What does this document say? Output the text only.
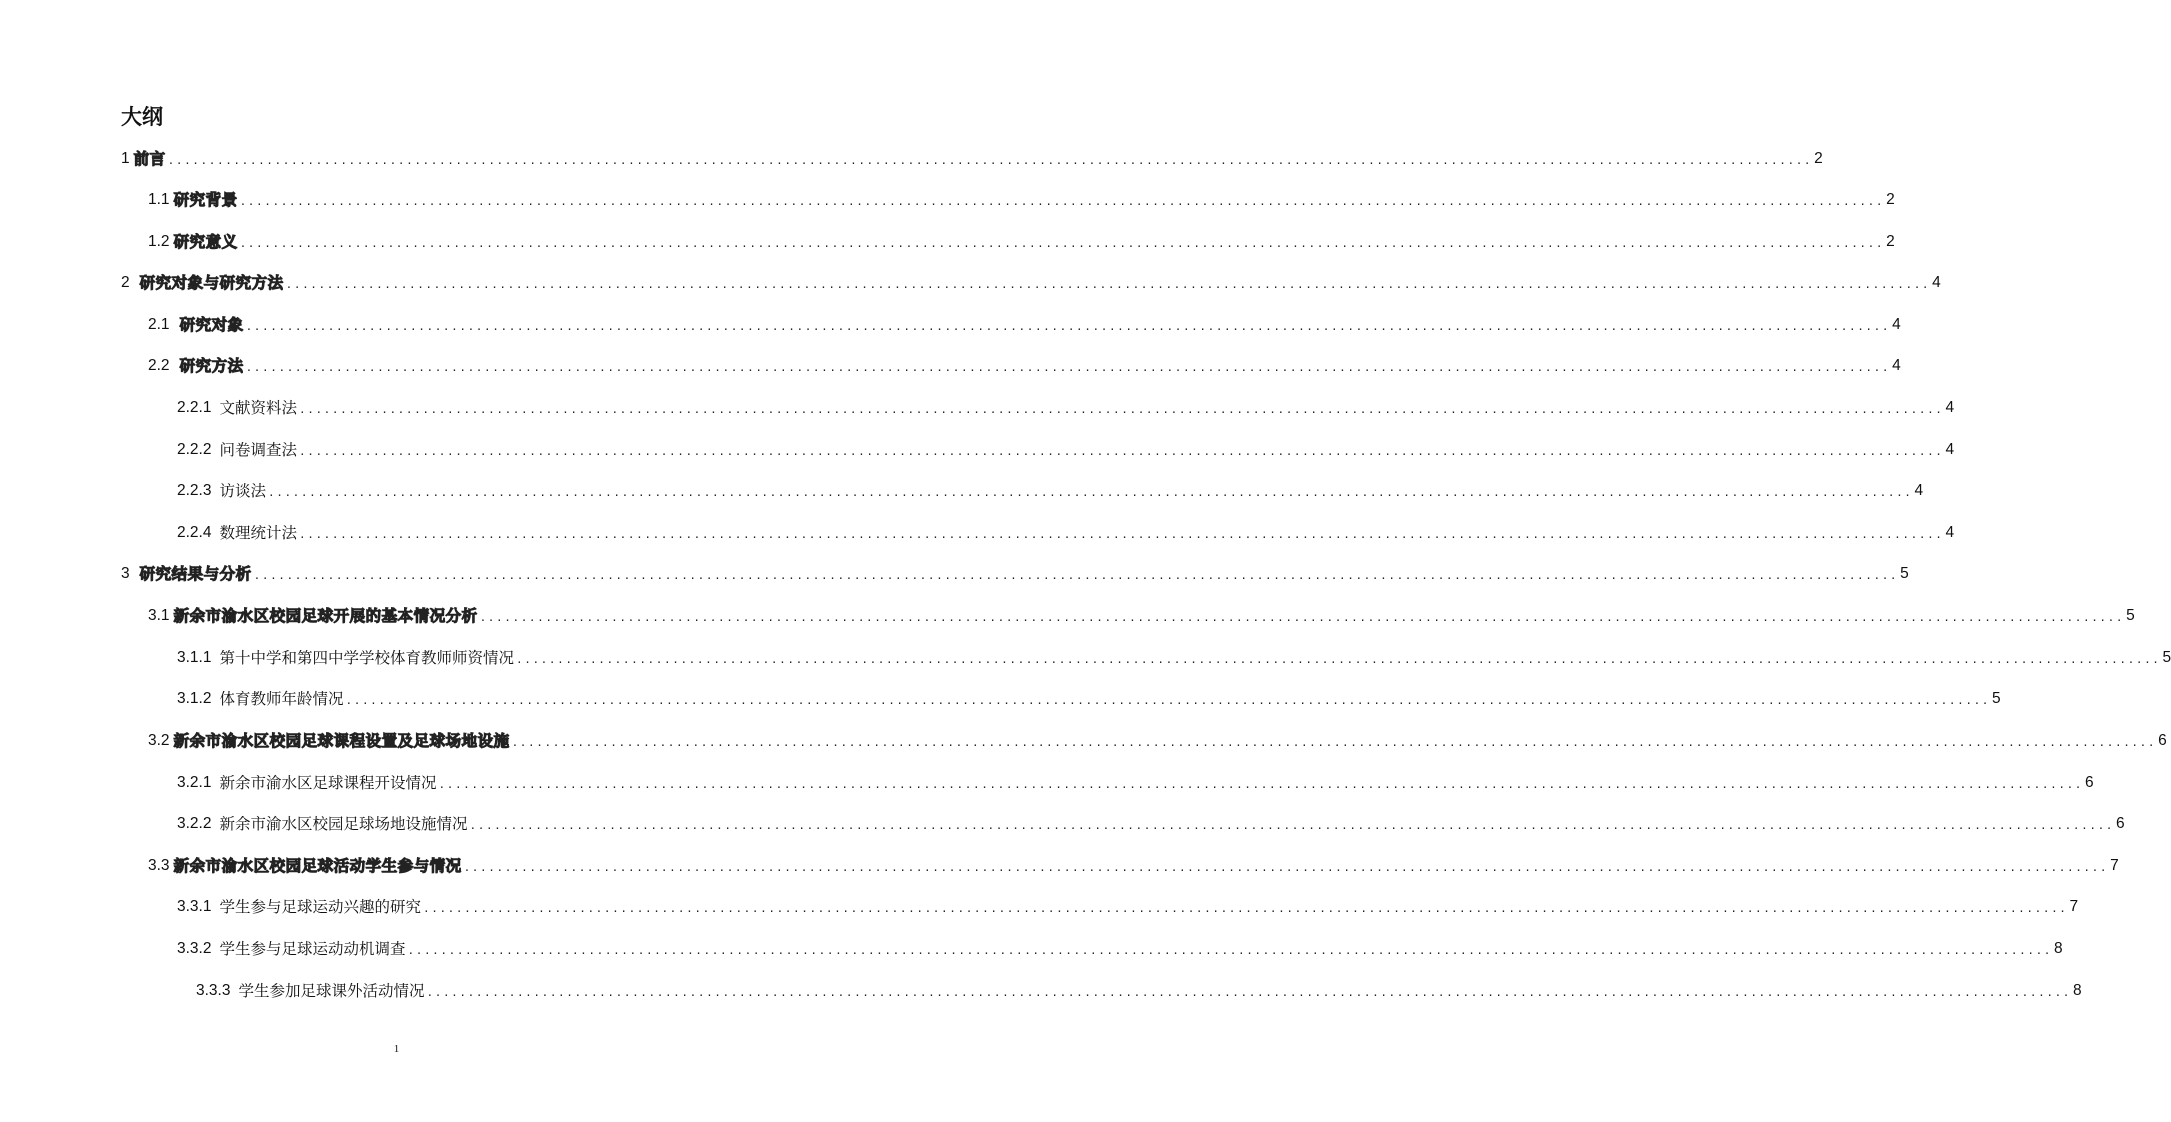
大纲
1 前言 ........................................................................................................................................................................................................ 2
1.1 研究背景 ........................................................................................................................................................................................................ 2
1.2 研究意义 ........................................................................................................................................................................................................ 2
2 研究对象与研究方法 ........................................................................................................................................................................................................ 4
2.1 研究对象 ........................................................................................................................................................................................................ 4
2.2 研究方法 ........................................................................................................................................................................................................ 4
2.2.1 文献资料法 ........................................................................................................................................................................................................ 4
2.2.2 问卷调查法 ........................................................................................................................................................................................................ 4
2.2.3 访谈法 ........................................................................................................................................................................................................ 4
2.2.4 数理统计法 ........................................................................................................................................................................................................ 4
3 研究结果与分析 ........................................................................................................................................................................................................ 5
3.1 新余市渝水区校园足球开展的基本情况分析 ........................................................................................................................................................................................................ 5
3.1.1 第十中学和第四中学学校体育教师师资情况 ........................................................................................................................................................................................................ 5
3.1.2 体育教师年龄情况 ........................................................................................................................................................................................................ 5
3.2 新余市渝水区校园足球课程设置及足球场地设施 ........................................................................................................................................................................................................ 6
3.2.1 新余市渝水区足球课程开设情况 ........................................................................................................................................................................................................ 6
3.2.2 新余市渝水区校园足球场地设施情况 ........................................................................................................................................................................................................ 6
3.3 新余市渝水区校园足球活动学生参与情况 ........................................................................................................................................................................................................ 7
3.3.1 学生参与足球运动兴趣的研究 ........................................................................................................................................................................................................ 7
3.3.2 学生参与足球运动动机调查 ........................................................................................................................................................................................................ 8
3.3.3 学生参加足球课外活动情况 ........................................................................................................................................................................................................ 8
1
